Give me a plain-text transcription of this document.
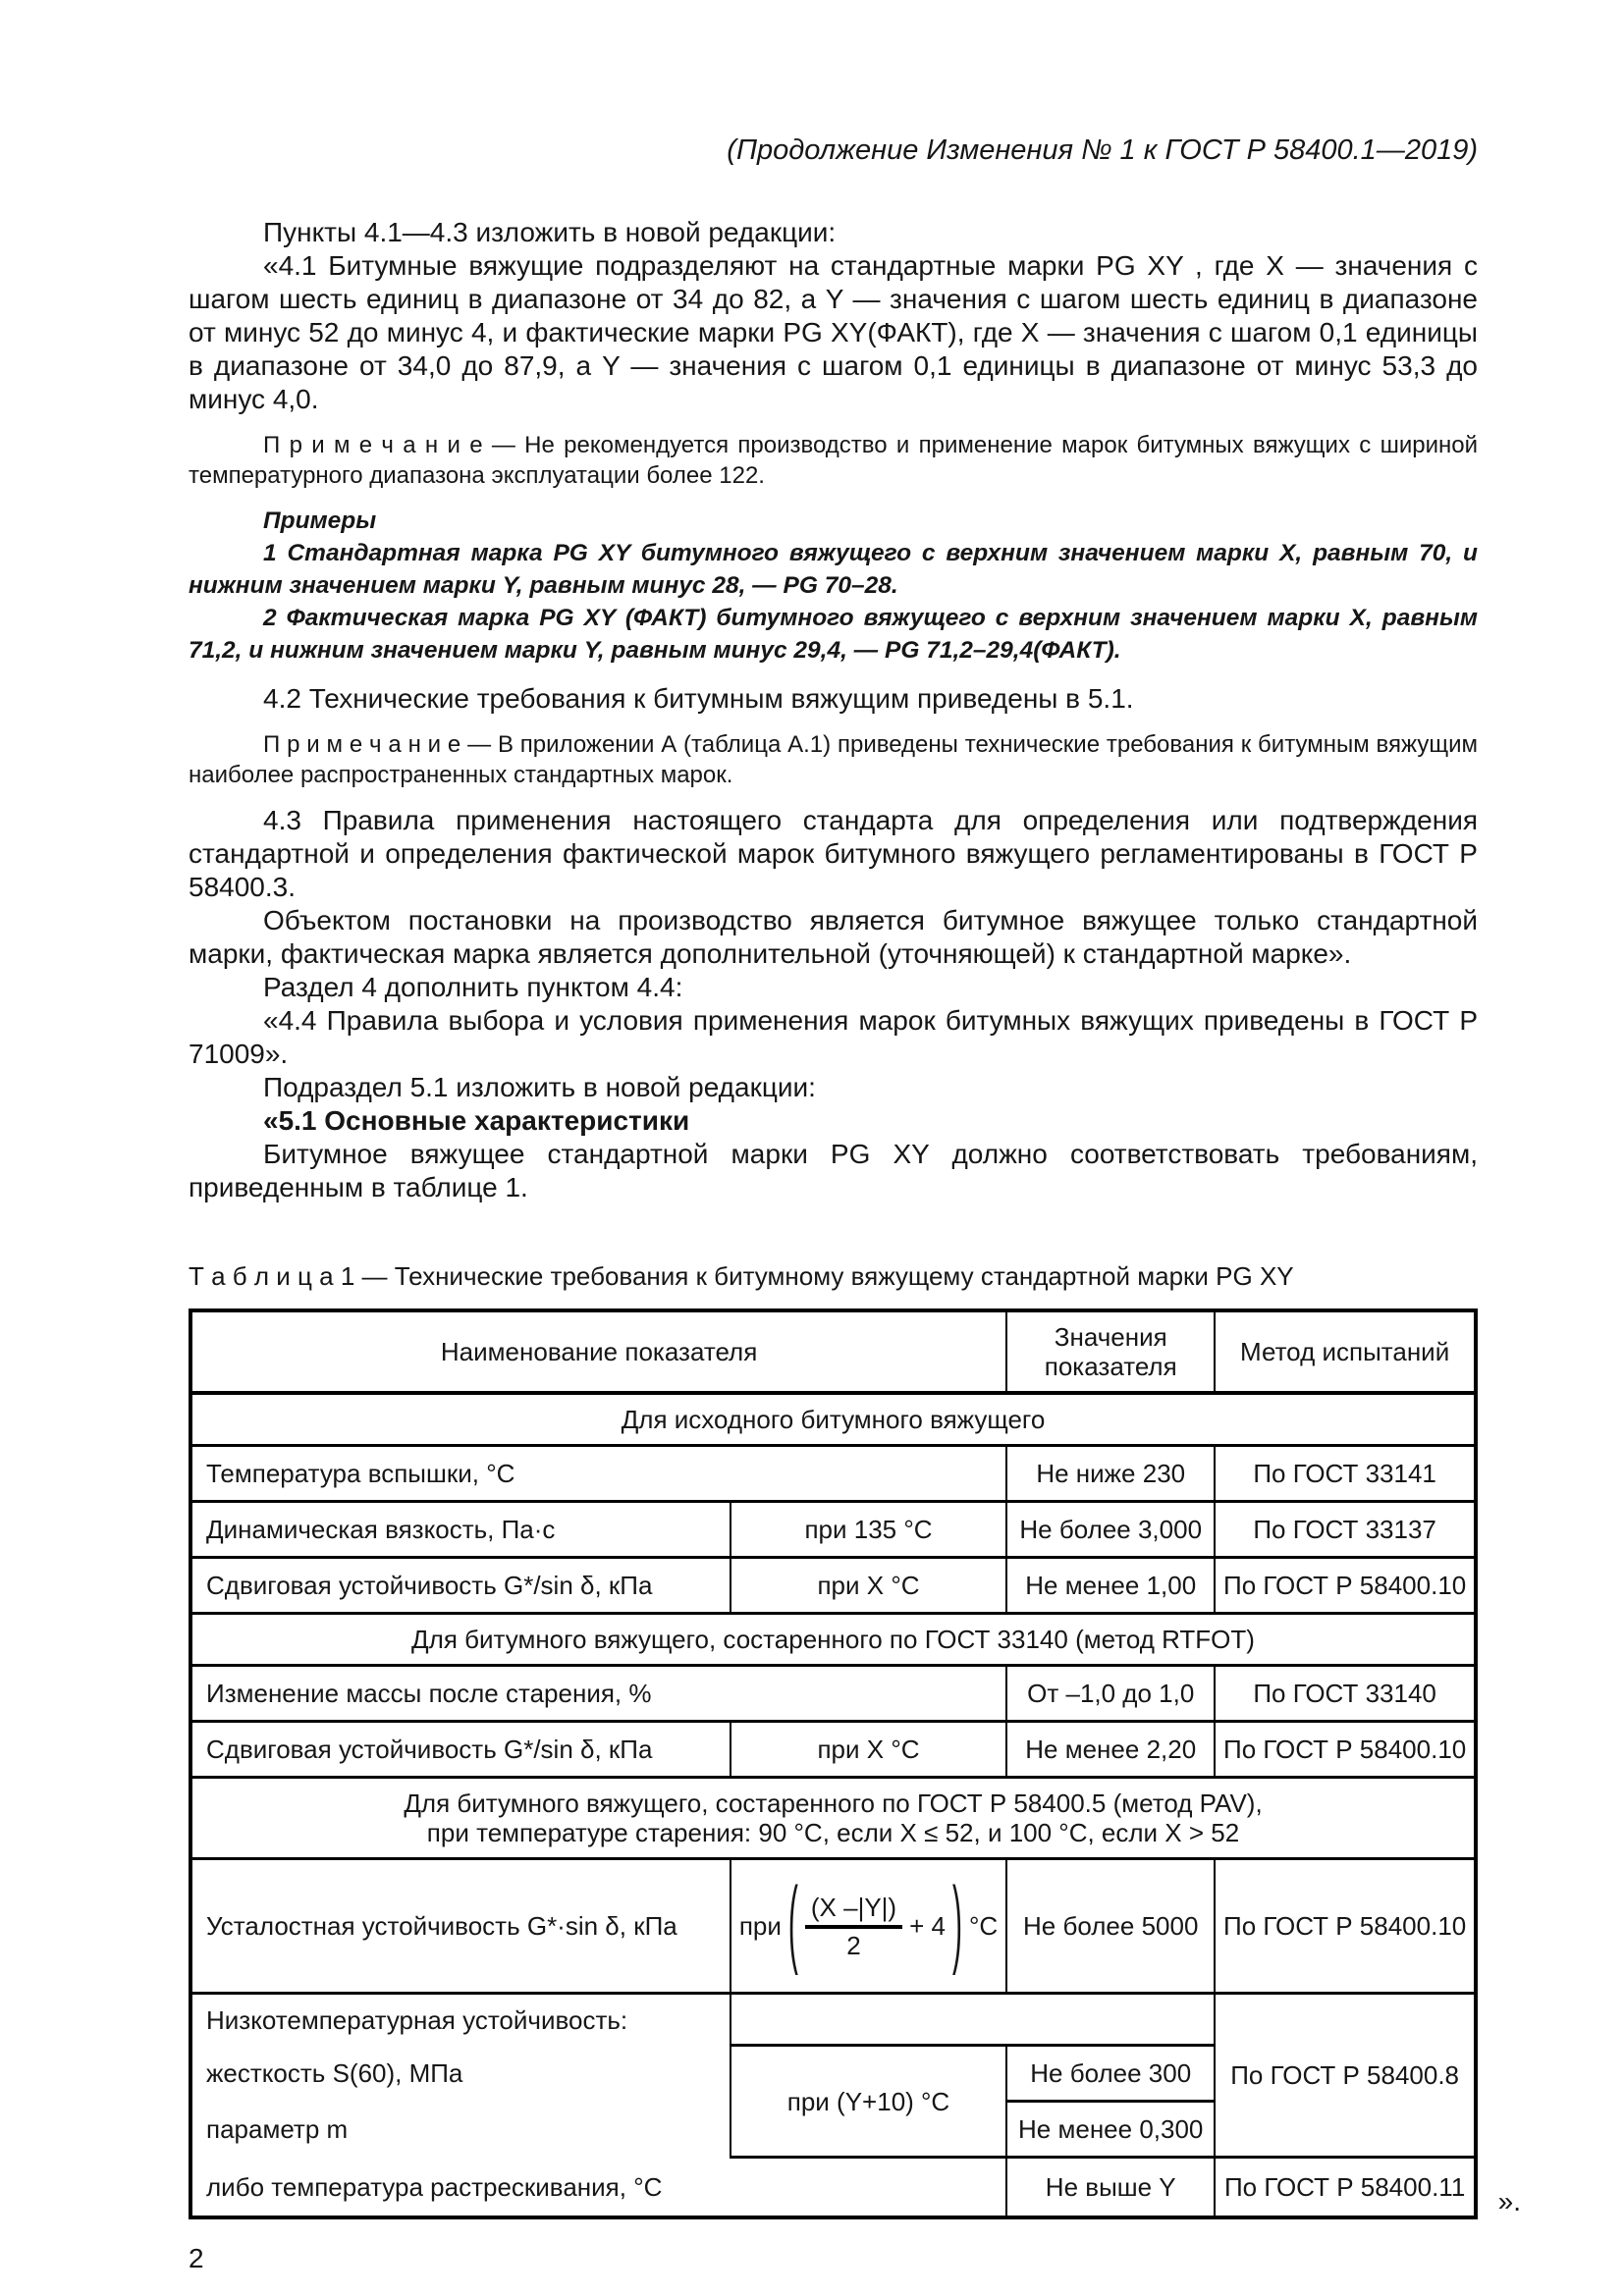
(Продолжение Изменения № 1 к ГОСТ Р 58400.1—2019)

Пункты 4.1—4.3 изложить в новой редакции:

«4.1 Битумные вяжущие подразделяют на стандартные марки PG XY , где X — значения с шагом шесть единиц в диапазоне от 34 до 82, а Y — значения с шагом шесть единиц в диапазоне от минус 52 до минус 4, и фактические марки PG XY(ФАКТ), где X — значения с шагом 0,1 единицы в диапазоне от 34,0 до 87,9, а Y — значения с шагом 0,1 единицы в диапазоне от минус 53,3 до минус 4,0.

П р и м е ч а н и е — Не рекомендуется производство и применение марок битумных вяжущих с шириной температурного диапазона эксплуатации более 122.

Примеры

1 Стандартная марка PG XY битумного вяжущего с верхним значением марки X, равным 70, и нижним значением марки Y, равным минус 28, — PG 70–28.

2 Фактическая марка PG XY (ФАКТ) битумного вяжущего с верхним значением марки X, равным 71,2, и нижним значением марки Y, равным минус 29,4, — PG 71,2–29,4(ФАКТ).

4.2 Технические требования к битумным вяжущим приведены в 5.1.

П р и м е ч а н и е — В приложении А (таблица А.1) приведены технические требования к битумным вяжущим наиболее распространенных стандартных марок.

4.3 Правила применения настоящего стандарта для определения или подтверждения стандартной и определения фактической марок битумного вяжущего регламентированы в ГОСТ Р 58400.3.

Объектом постановки на производство является битумное вяжущее только стандартной марки, фактическая марка является дополнительной (уточняющей) к стандартной марке».

Раздел 4 дополнить пунктом 4.4:

«4.4 Правила выбора и условия применения марок битумных вяжущих приведены в ГОСТ Р 71009».

Подраздел 5.1 изложить в новой редакции:

«5.1 Основные характеристики

Битумное вяжущее стандартной марки PG XY должно соответствовать требованиям, приведенным в таблице 1.

Т а б л и ц а 1 — Технические требования к битумному вяжущему стандартной марки PG XY

Наименование показателя		Значения показателя	Метод испытаний
Для исходного битумного вяжущего			
Температура вспышки, °С		Не ниже 230	По ГОСТ 33141
Динамическая вязкость, Па·с	при 135 °С	Не более 3,000	По ГОСТ 33137
Сдвиговая устойчивость G*/sin δ, кПа	при X °С	Не менее 1,00	По ГОСТ Р 58400.10
Для битумного вяжущего, состаренного по ГОСТ 33140 (метод RTFOT)			
Изменение массы после старения, %		От –1,0 до 1,0	По ГОСТ 33140
Сдвиговая устойчивость G*/sin δ, кПа	при X °С	Не менее 2,20	По ГОСТ Р 58400.10

Для битумного вяжущего, состаренного по ГОСТ Р 58400.5 (метод PAV),
при температуре старения: 90 °С, если X ≤ 52, и 100 °С, если X > 52			

Усталостная устойчивость G*·sin δ, кПа	при ( $\frac{(X -|Y|)}{2} + 4$ ) °С	Не более 5000	По ГОСТ Р 58400.10
Низкотемпературная устойчивость:			По ГОСТ Р 58400.8
жесткость S(60), МПа	при (Y+10) °С	Не более 300	
параметр m		Не менее 0,300	
либо температура растрескивания, °С		Не выше Y	По ГОСТ Р 58400.11 ».
2
